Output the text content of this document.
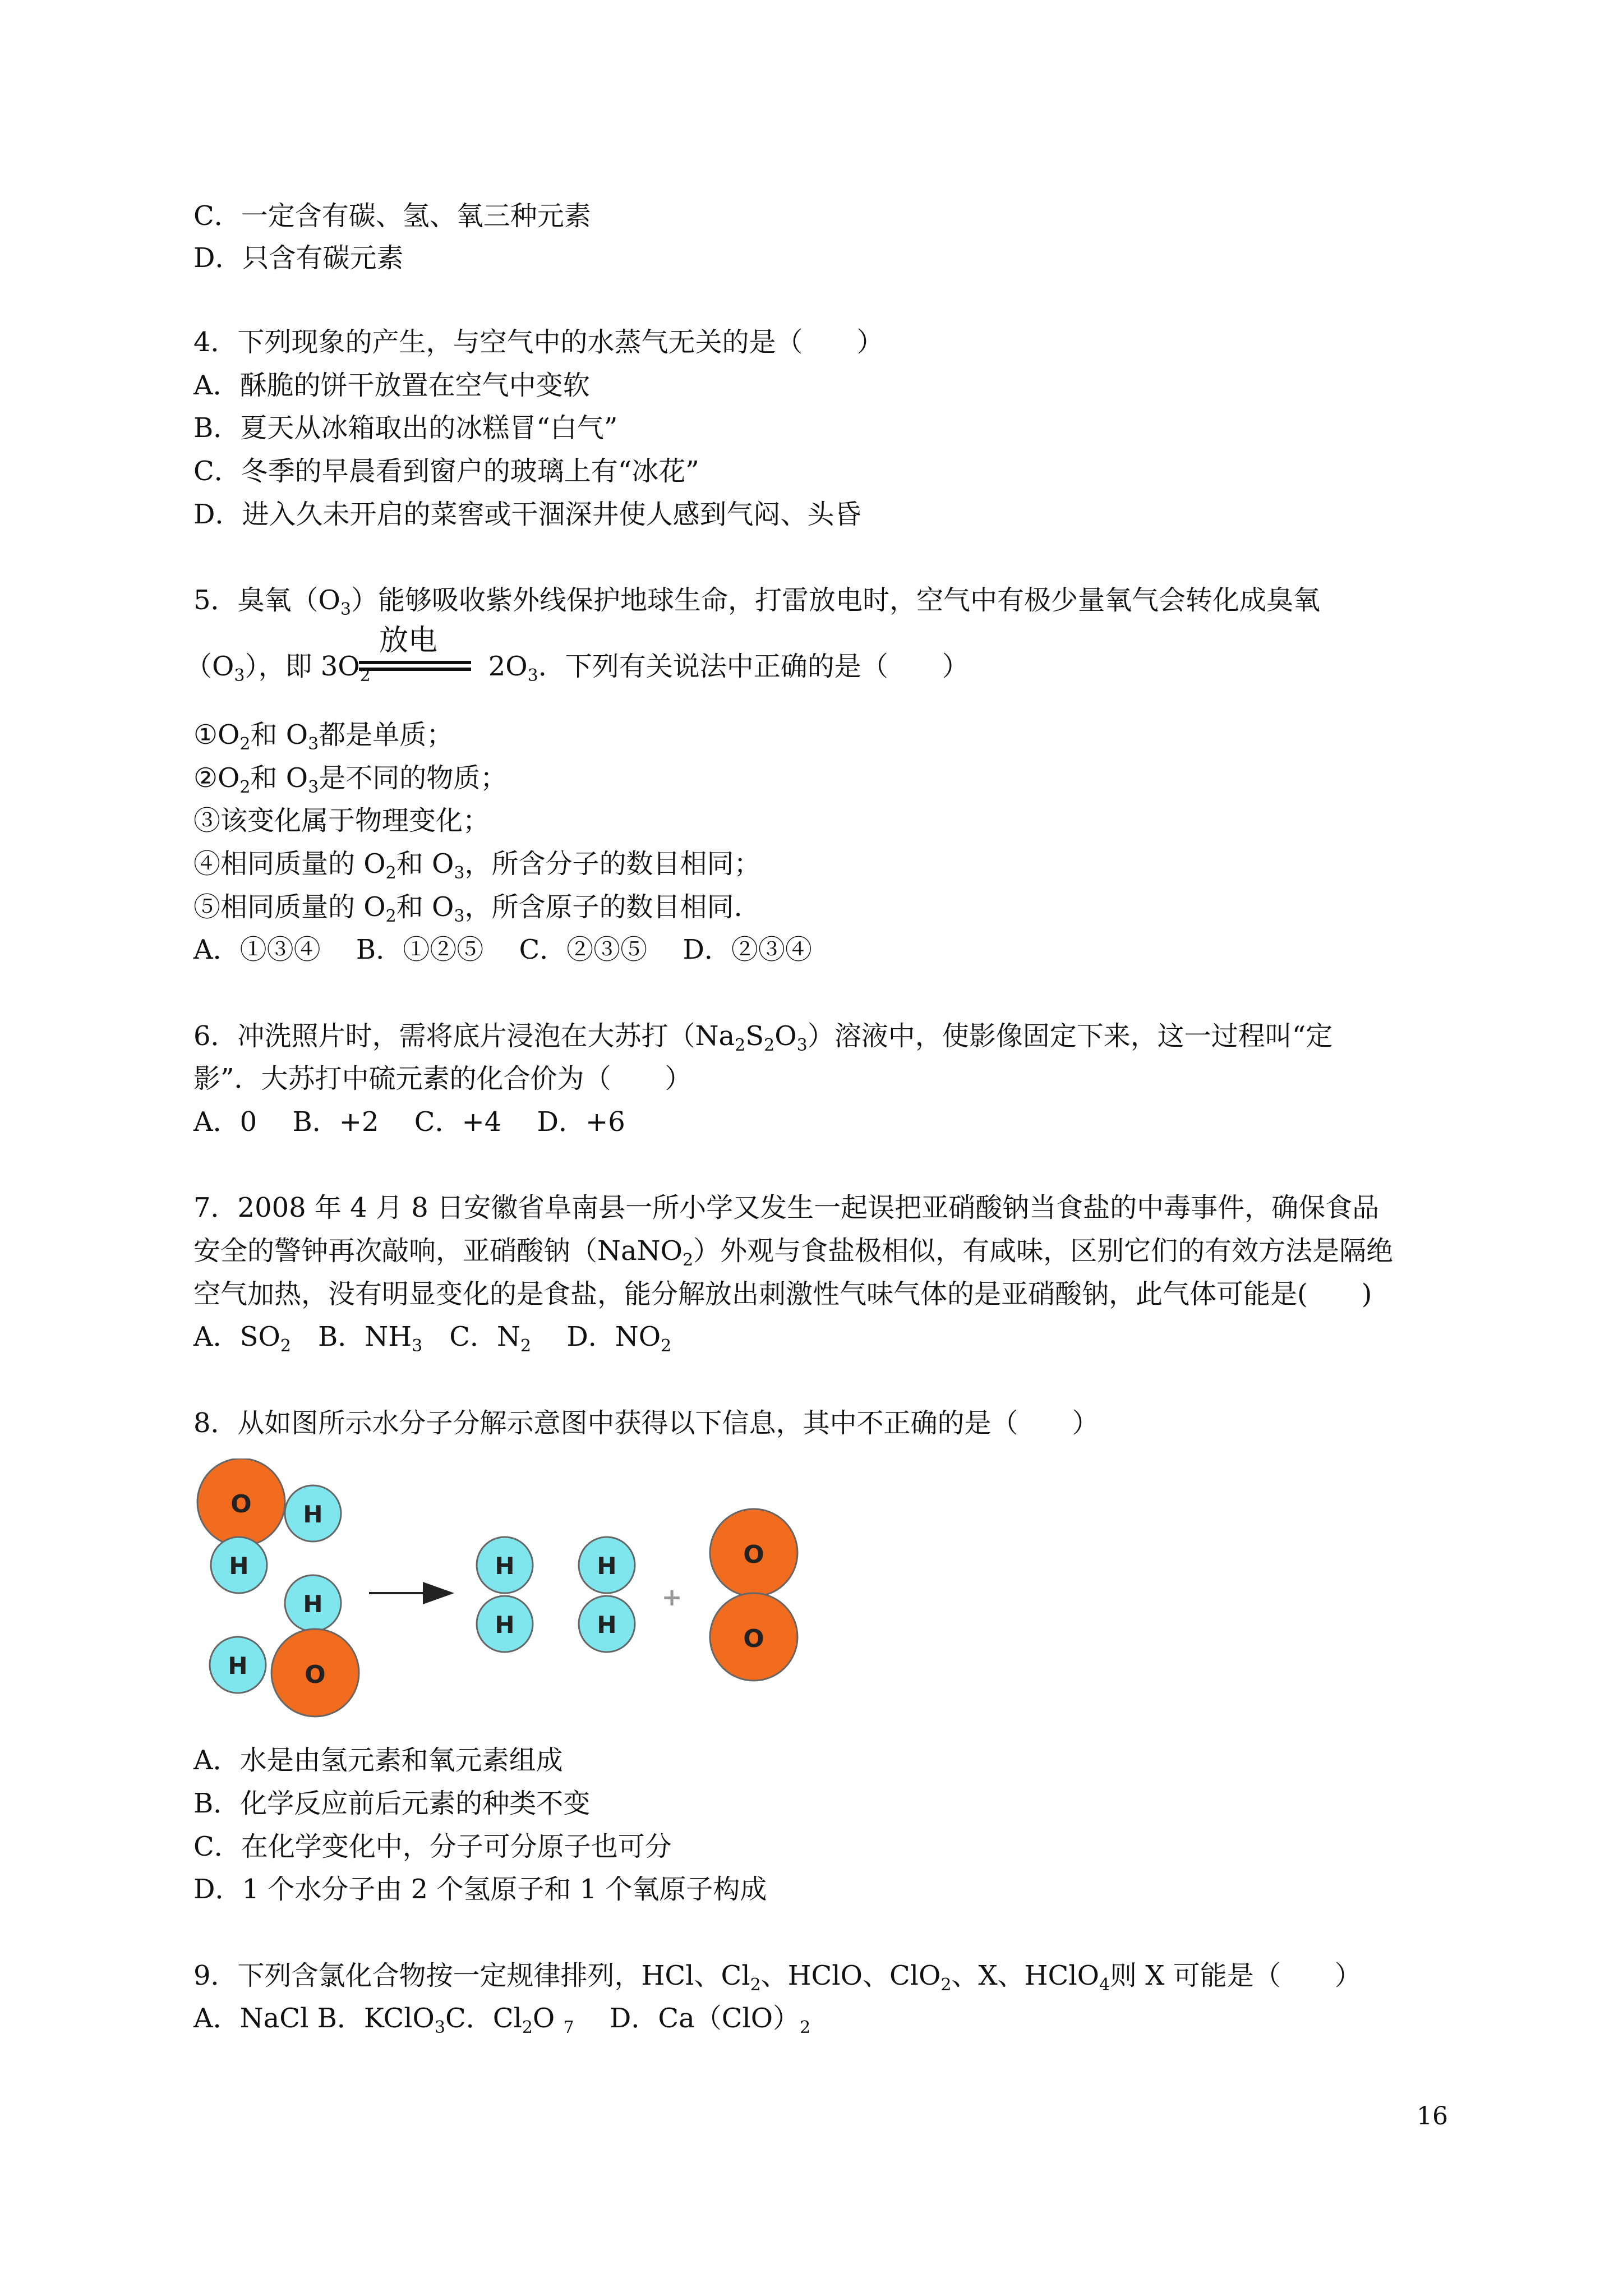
C．一定含有碳、氢、氧三种元素
D．只含有碳元素
4．下列现象的产生，与空气中的水蒸气无关的是（　　）
A．酥脆的饼干放置在空气中变软
B．夏天从冰箱取出的冰糕冒“白气”
C．冬季的早晨看到窗户的玻璃上有“冰花”
D．进入久未开启的菜窖或干涸深井使人感到气闷、头昏
5．臭氧$(O_3)$能够吸收紫外线保护地球生命，打雷放电时，空气中有极少量氧气会转化成臭氧
放电
$(O_3)$，即 $3O_2$	$2O_3$．下列有关说法中正确的是（　　）
$①O_2$和 $O_3$都是单质；
$②O_2$和 $O_3$是不同的物质；
③该变化属于物理变化；
④相同质量的 $O_2$和 $O_3$，所含分子的数目相同；
⑤相同质量的 $O_2$和 $O_3$，所含原子的数目相同.
A．①③④　 B．①②⑤　 C．②③⑤　 D．②③④
6．冲洗照片时，需将底片浸泡在大苏打$(Na_2S_2O_3)$溶液中，使影像固定下来，这一过程叫“定
影”．大苏打中硫元素的化合价为（　　）
A．0　 B．+2　 C．+4　 D．+6
7．2008 年 4 月 8 日安徽省阜南县一所小学又发生一起误把亚硝酸钠当食盐的中毒事件，确保食品
安全的警钟再次敲响，亚硝酸钠（NaNO$_2$）外观与食盐极相似，有咸味，区别它们的有效方法是隔绝
空气加热，没有明显变化的是食盐，能分解放出刺激性气味气体的是亚硝酸钠，此气体可能是(　　)
A．$SO_2$　B．$NH_3$　C．$N_2$　 D．$NO_2$
8．从如图所示水分子分解示意图中获得以下信息，其中不正确的是（　　）
O H
H
H
H O
H
H
H
H
+
O
O
A．水是由氢元素和氧元素组成
B．化学反应前后元素的种类不变
C．在化学变化中，分子可分原子也可分
D．1 个水分子由 2 个氢原子和 1 个氧原子构成
9．下列含氯化合物按一定规律排列，HCl、$Cl_2$、HClO、ClO$_2$、X、HClO$_4$则 X 可能是（　　）
A．NaCl B．KClO$_3$C．$Cl_2O$ $_7$　 D．$Ca(ClO)_2$
16
